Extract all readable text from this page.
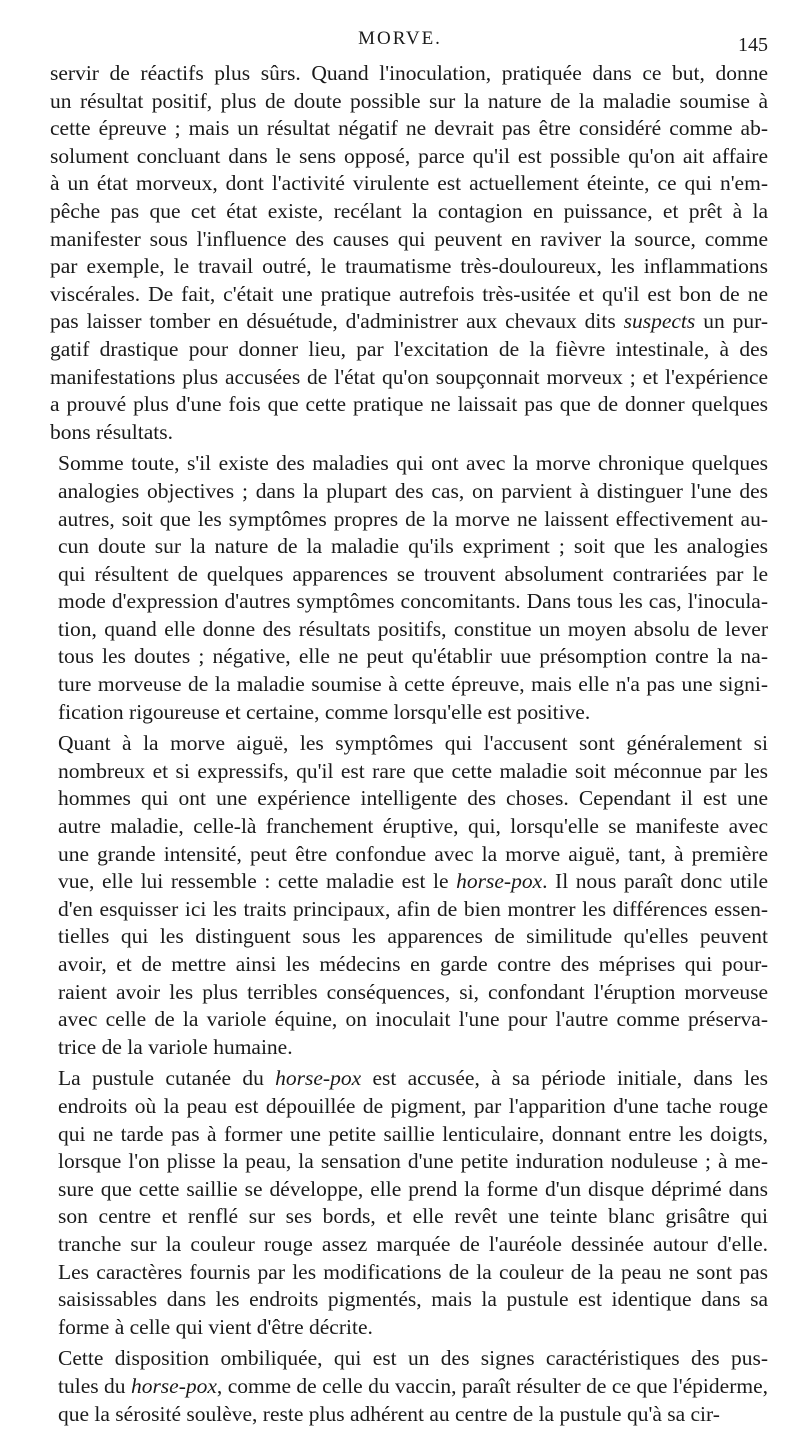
MORVE.	145
servir de réactifs plus sûrs. Quand l'inoculation, pratiquée dans ce but, donne
un résultat positif, plus de doute possible sur la nature de la maladie soumise à
cette épreuve ; mais un résultat négatif ne devrait pas être considéré comme ab-
solument concluant dans le sens opposé, parce qu'il est possible qu'on ait affaire
à un état morveux, dont l'activité virulente est actuellement éteinte, ce qui n'em-
pêche pas que cet état existe, recélant la contagion en puissance, et prêt à la
manifester sous l'influence des causes qui peuvent en raviver la source, comme
par exemple, le travail outré, le traumatisme très-douloureux, les inflammations
viscérales. De fait, c'était une pratique autrefois très-usitée et qu'il est bon de ne
pas laisser tomber en désuétude, d'administrer aux chevaux dits suspects un pur-
gatif drastique pour donner lieu, par l'excitation de la fièvre intestinale, à des
manifestations plus accusées de l'état qu'on soupçonnait morveux ; et l'expérience
a prouvé plus d'une fois que cette pratique ne laissait pas que de donner quelques
bons résultats.
Somme toute, s'il existe des maladies qui ont avec la morve chronique quelques
analogies objectives ; dans la plupart des cas, on parvient à distinguer l'une des
autres, soit que les symptômes propres de la morve ne laissent effectivement au-
cun doute sur la nature de la maladie qu'ils expriment ; soit que les analogies
qui résultent de quelques apparences se trouvent absolument contrariées par le
mode d'expression d'autres symptômes concomitants. Dans tous les cas, l'inocula-
tion, quand elle donne des résultats positifs, constitue un moyen absolu de lever
tous les doutes ; négative, elle ne peut qu'établir uue présomption contre la na-
ture morveuse de la maladie soumise à cette épreuve, mais elle n'a pas une signi-
fication rigoureuse et certaine, comme lorsqu'elle est positive.
Quant à la morve aiguë, les symptômes qui l'accusent sont généralement si
nombreux et si expressifs, qu'il est rare que cette maladie soit méconnue par les
hommes qui ont une expérience intelligente des choses. Cependant il est une
autre maladie, celle-là franchement éruptive, qui, lorsqu'elle se manifeste avec
une grande intensité, peut être confondue avec la morve aiguë, tant, à première
vue, elle lui ressemble : cette maladie est le horse-pox. Il nous paraît donc utile
d'en esquisser ici les traits principaux, afin de bien montrer les différences essen-
tielles qui les distinguent sous les apparences de similitude qu'elles peuvent
avoir, et de mettre ainsi les médecins en garde contre des méprises qui pour-
raient avoir les plus terribles conséquences, si, confondant l'éruption morveuse
avec celle de la variole équine, on inoculait l'une pour l'autre comme préserva-
trice de la variole humaine.
La pustule cutanée du horse-pox est accusée, à sa période initiale, dans les
endroits où la peau est dépouillée de pigment, par l'apparition d'une tache rouge
qui ne tarde pas à former une petite saillie lenticulaire, donnant entre les doigts,
lorsque l'on plisse la peau, la sensation d'une petite induration noduleuse ; à me-
sure que cette saillie se développe, elle prend la forme d'un disque déprimé dans
son centre et renflé sur ses bords, et elle revêt une teinte blanc grisâtre qui
tranche sur la couleur rouge assez marquée de l'auréole dessinée autour d'elle.
Les caractères fournis par les modifications de la couleur de la peau ne sont pas
saisissables dans les endroits pigmentés, mais la pustule est identique dans sa
forme à celle qui vient d'être décrite.
Cette disposition ombiliquée, qui est un des signes caractéristiques des pus-
tules du horse-pox, comme de celle du vaccin, paraît résulter de ce que l'épiderme,
que la sérosité soulève, reste plus adhérent au centre de la pustule qu'à sa cir-
